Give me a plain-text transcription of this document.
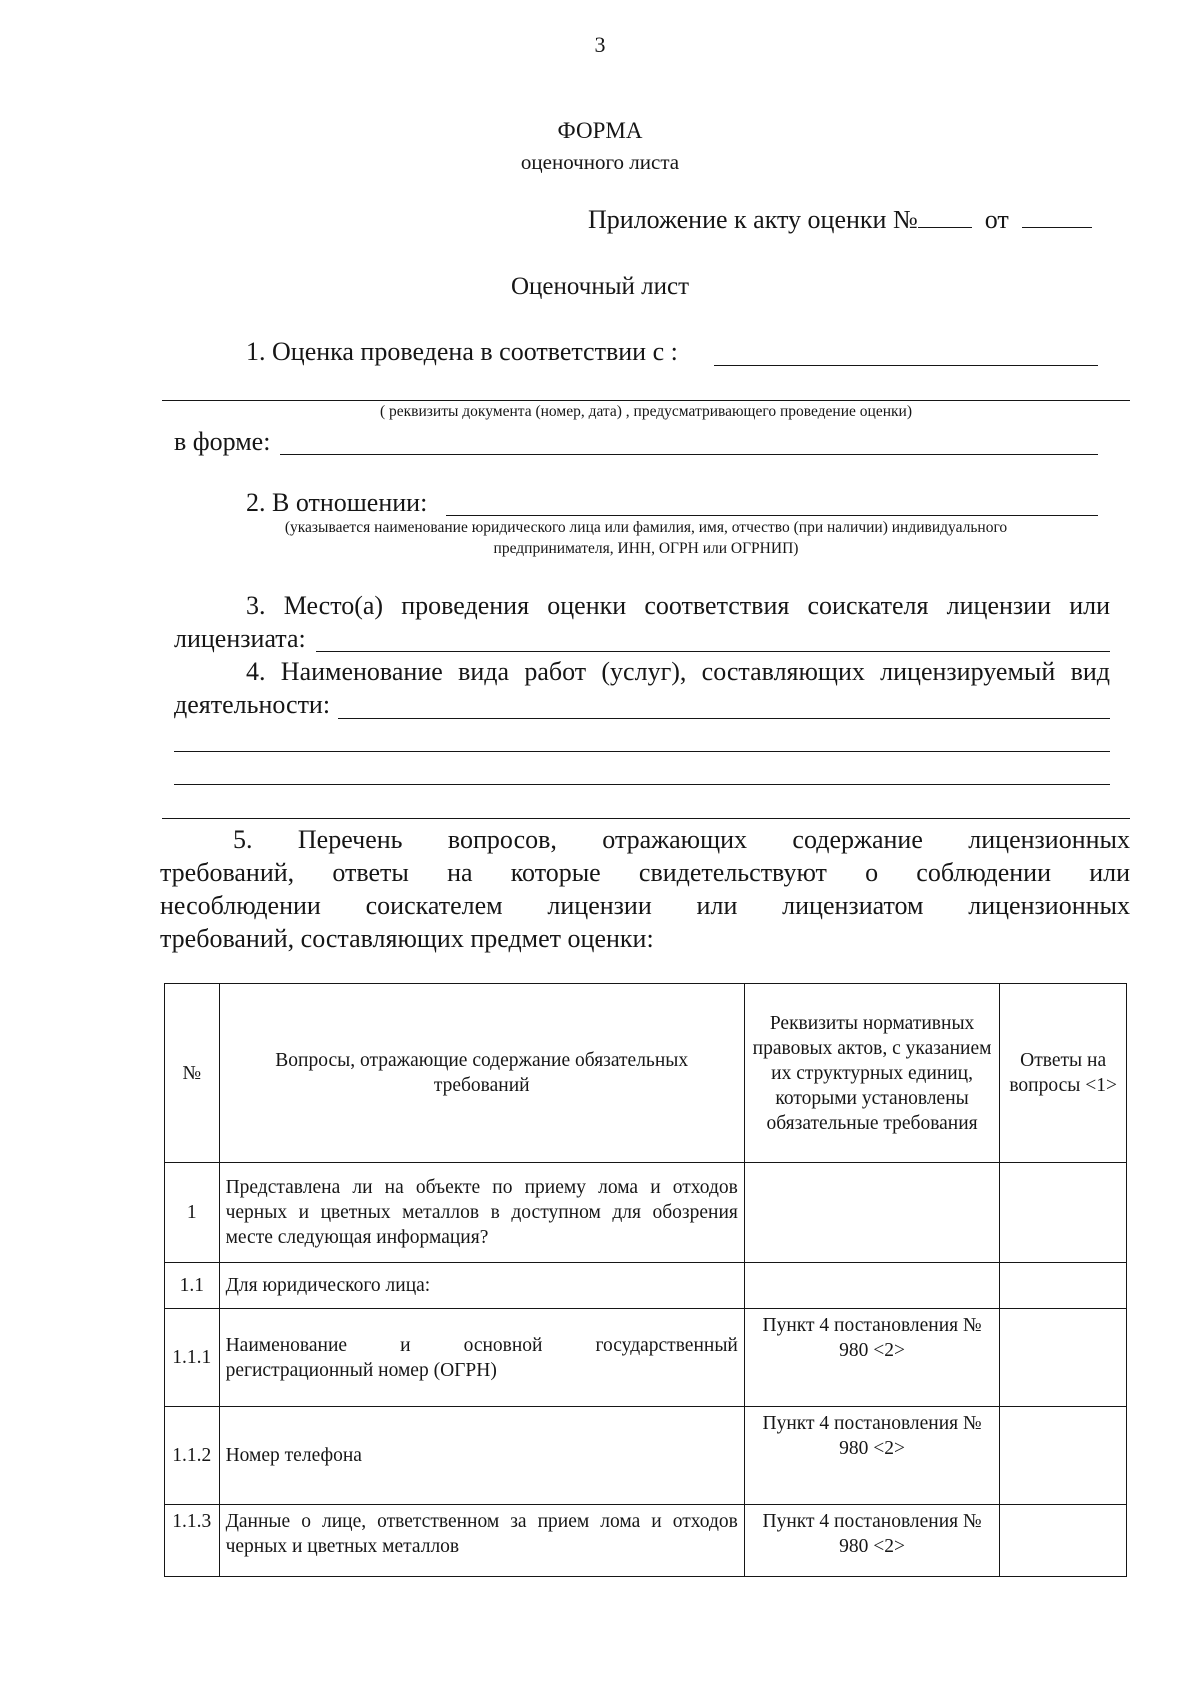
3
ФОРМА
оценочного листа
Приложение к акту оценки №	от
Оценочный лист
1. Оценка проведена в соответствии с :
( реквизиты документа (номер, дата) , предусматривающего проведение оценки)
в форме:
2. В отношении:
(указывается наименование юридического лица или фамилия, имя, отчество (при наличии) индивидуального
предпринимателя, ИНН, ОГРН или ОГРНИП)
3. Место(а) проведения оценки соответствия соискателя лицензии или
лицензиата:
4. Наименование вида работ (услуг), составляющих лицензируемый вид
деятельности:
5. Перечень вопросов, отражающих содержание лицензионных
требований, ответы на которые свидетельствуют о соблюдении или
несоблюдении соискателем лицензии или лицензиатом лицензионных
требований, составляющих предмет оценки:
№	Вопросы, отражающие содержание обязательных требований	Реквизиты нормативных правовых актов, с указанием их структурных единиц, которыми установлены обязательные требования	Ответы на вопросы <1>
1	Представлена ли на объекте по приему лома и отходов черных и цветных металлов в доступном для обозрения месте следующая информация?		
1.1	Для юридического лица:		
1.1.1	Наименование и основной государственный регистрационный номер (ОГРН)	Пункт 4 постановления № 980 <2>	
1.1.2	Номер телефона	Пункт 4 постановления № 980 <2>	
1.1.3	Данные о лице, ответственном за прием лома и отходов черных и цветных металлов	Пункт 4 постановления № 980 <2>	
